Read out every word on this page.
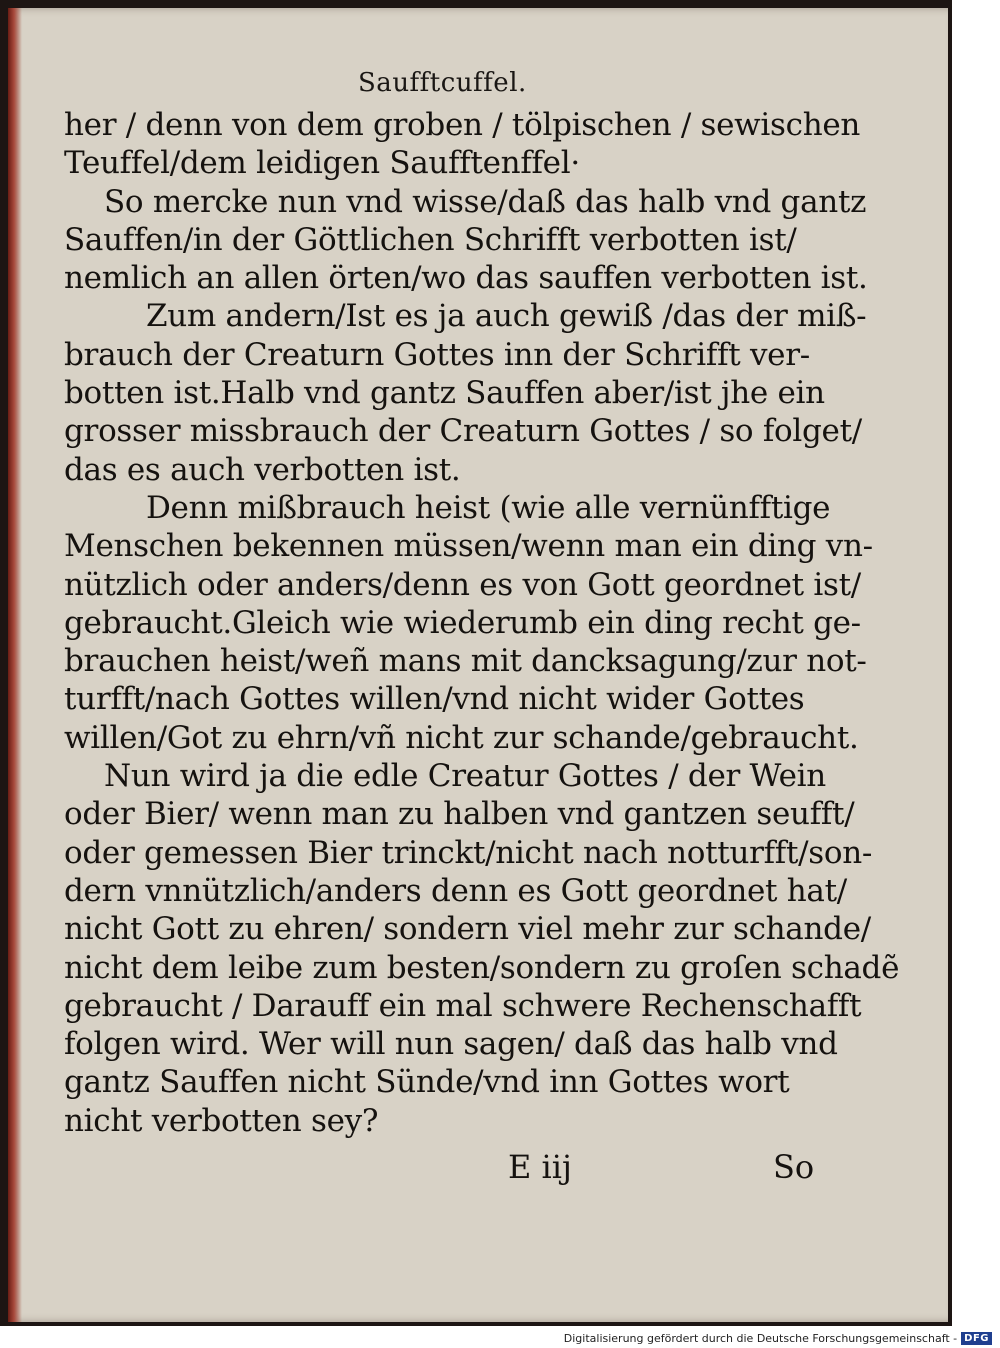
Saufftcuffel.
her / denn von dem groben / tölpischen / sewischen
Teuffel/dem leidigen Saufftenffel·
So mercke nun vnd wisse/daß das halb vnd gantz
Sauffen/in der Göttlichen Schrifft verbotten ist/
nemlich an allen örten/wo das sauffen verbotten ist.
Zum andern/Ist es ja auch gewiß /das der miß-
brauch der Creaturn Gottes inn der Schrifft ver-
botten ist.Halb vnd gantz Sauffen aber/ist jhe ein
grosser missbrauch der Creaturn Gottes / so folget/
das es auch verbotten ist.
Denn mißbrauch heist (wie alle vernünfftige
Menschen bekennen müssen/wenn man ein ding vn-
nützlich oder anders/denn es von Gott geordnet ist/
gebraucht.Gleich wie wiederumb ein ding recht ge-
brauchen heist/weñ mans mit dancksagung/zur not-
turfft/nach Gottes willen/vnd nicht wider Gottes
willen/Got zu ehrn/vñ nicht zur schande/gebraucht.
Nun wird ja die edle Creatur Gottes / der Wein
oder Bier/ wenn man zu halben vnd gantzen seufft/
oder gemessen Bier trinckt/nicht nach notturfft/son-
dern vnnützlich/anders denn es Gott geordnet hat/
nicht Gott zu ehren/ sondern viel mehr zur schande/
nicht dem leibe zum besten/sondern zu groſen schadẽ
gebraucht / Darauff ein mal schwere Rechenschafft
folgen wird. Wer will nun sagen/ daß das halb vnd
gantz Sauffen nicht Sünde/vnd inn Gottes wort
nicht verbotten sey?
E iij	So
Digitalisierung gefördert durch die Deutsche Forschungsgemeinschaft - DFG
